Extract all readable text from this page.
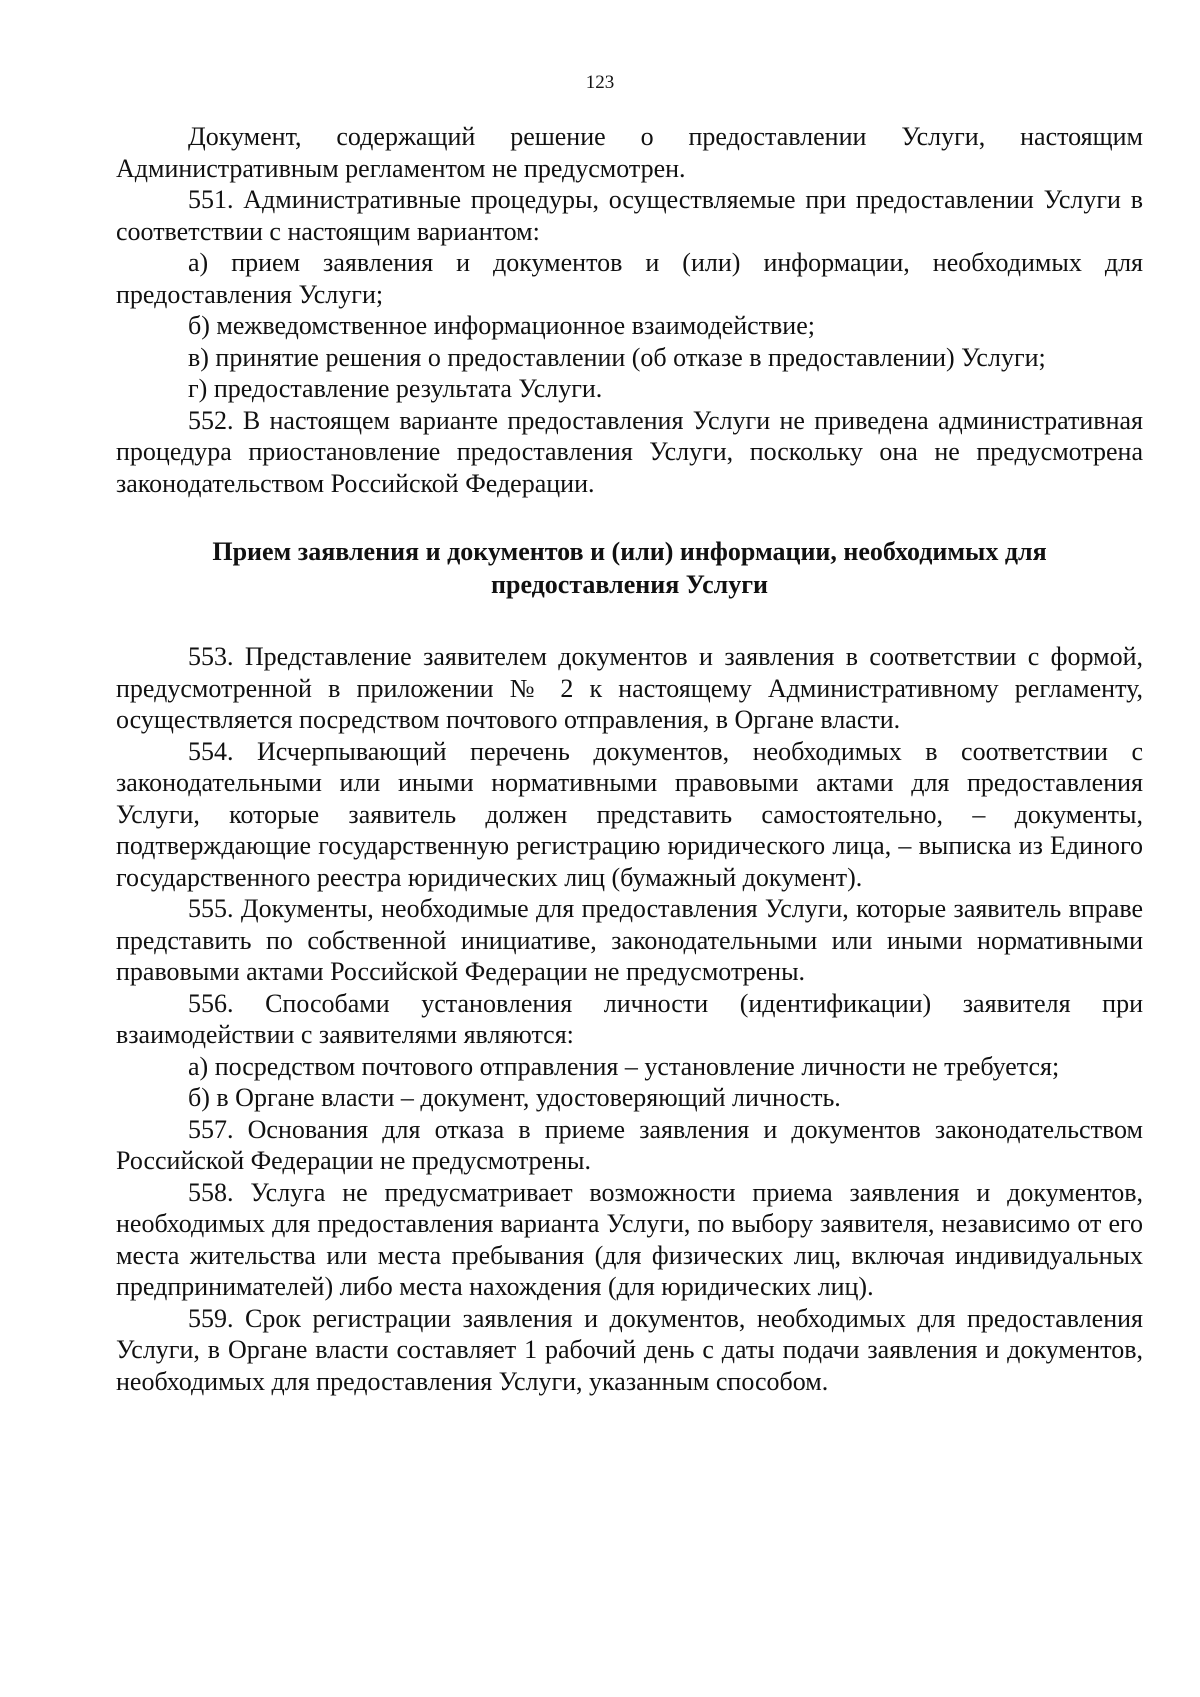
123

Документ, содержащий решение о предоставлении Услуги, настоящим Административным регламентом не предусмотрен.

551. Административные процедуры, осуществляемые при предоставлении Услуги в соответствии с настоящим вариантом:

а) прием заявления и документов и (или) информации, необходимых для предоставления Услуги;

б) межведомственное информационное взаимодействие;

в) принятие решения о предоставлении (об отказе в предоставлении) Услуги;

г) предоставление результата Услуги.

552. В настоящем варианте предоставления Услуги не приведена административная процедура приостановление предоставления Услуги, поскольку она не предусмотрена законодательством Российской Федерации.

Прием заявления и документов и (или) информации, необходимых для
предоставления Услуги

553. Представление заявителем документов и заявления в соответствии с формой, предусмотренной в приложении № 2 к настоящему Административному регламенту, осуществляется посредством почтового отправления, в Органе власти.

554. Исчерпывающий перечень документов, необходимых в соответствии с законодательными или иными нормативными правовыми актами для предоставления Услуги, которые заявитель должен представить самостоятельно, – документы, подтверждающие государственную регистрацию юридического лица, – выписка из Единого государственного реестра юридических лиц (бумажный документ).

555. Документы, необходимые для предоставления Услуги, которые заявитель вправе представить по собственной инициативе, законодательными или иными нормативными правовыми актами Российской Федерации не предусмотрены.

556. Способами установления личности (идентификации) заявителя при взаимодействии с заявителями являются:

а) посредством почтового отправления – установление личности не требуется;

б) в Органе власти – документ, удостоверяющий личность.

557. Основания для отказа в приеме заявления и документов законодательством Российской Федерации не предусмотрены.

558. Услуга не предусматривает возможности приема заявления и документов, необходимых для предоставления варианта Услуги, по выбору заявителя, независимо от его места жительства или места пребывания (для физических лиц, включая индивидуальных предпринимателей) либо места нахождения (для юридических лиц).

559. Срок регистрации заявления и документов, необходимых для предоставления Услуги, в Органе власти составляет 1 рабочий день с даты подачи заявления и документов, необходимых для предоставления Услуги, указанным способом.
